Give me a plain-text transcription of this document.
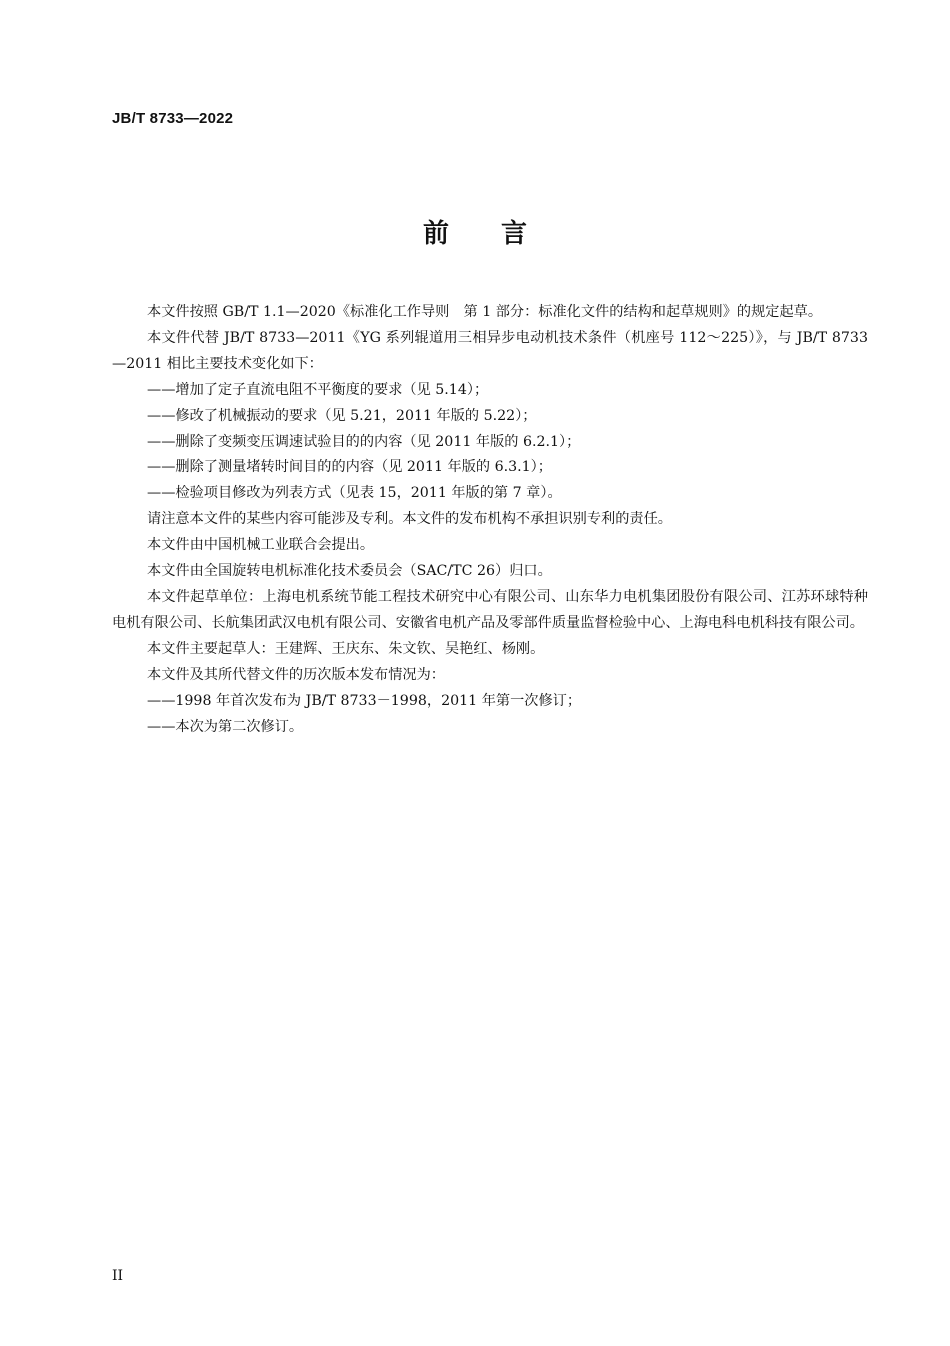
JB/T 8733—2022
前 言

本文件按照 GB/T 1.1—2020《标准化工作导则　第 1 部分：标准化文件的结构和起草规则》的规定起草。

本文件代替 JB/T 8733—2011《YG 系列辊道用三相异步电动机技术条件（机座号 112～225）》，与 JB/T 8733—2011 相比主要技术变化如下：

——增加了定子直流电阻不平衡度的要求（见 5.14）；

——修改了机械振动的要求（见 5.21，2011 年版的 5.22）；

——删除了变频变压调速试验目的的内容（见 2011 年版的 6.2.1）；

——删除了测量堵转时间目的的内容（见 2011 年版的 6.3.1）；

——检验项目修改为列表方式（见表 15，2011 年版的第 7 章）。

请注意本文件的某些内容可能涉及专利。本文件的发布机构不承担识别专利的责任。

本文件由中国机械工业联合会提出。

本文件由全国旋转电机标准化技术委员会（SAC/TC 26）归口。

本文件起草单位：上海电机系统节能工程技术研究中心有限公司、山东华力电机集团股份有限公司、江苏环球特种电机有限公司、长航集团武汉电机有限公司、安徽省电机产品及零部件质量监督检验中心、上海电科电机科技有限公司。

本文件主要起草人：王建辉、王庆东、朱文钦、吴艳红、杨刚。

本文件及其所代替文件的历次版本发布情况为：

——1998 年首次发布为 JB/T 8733－1998，2011 年第一次修订；

——本次为第二次修订。

II
